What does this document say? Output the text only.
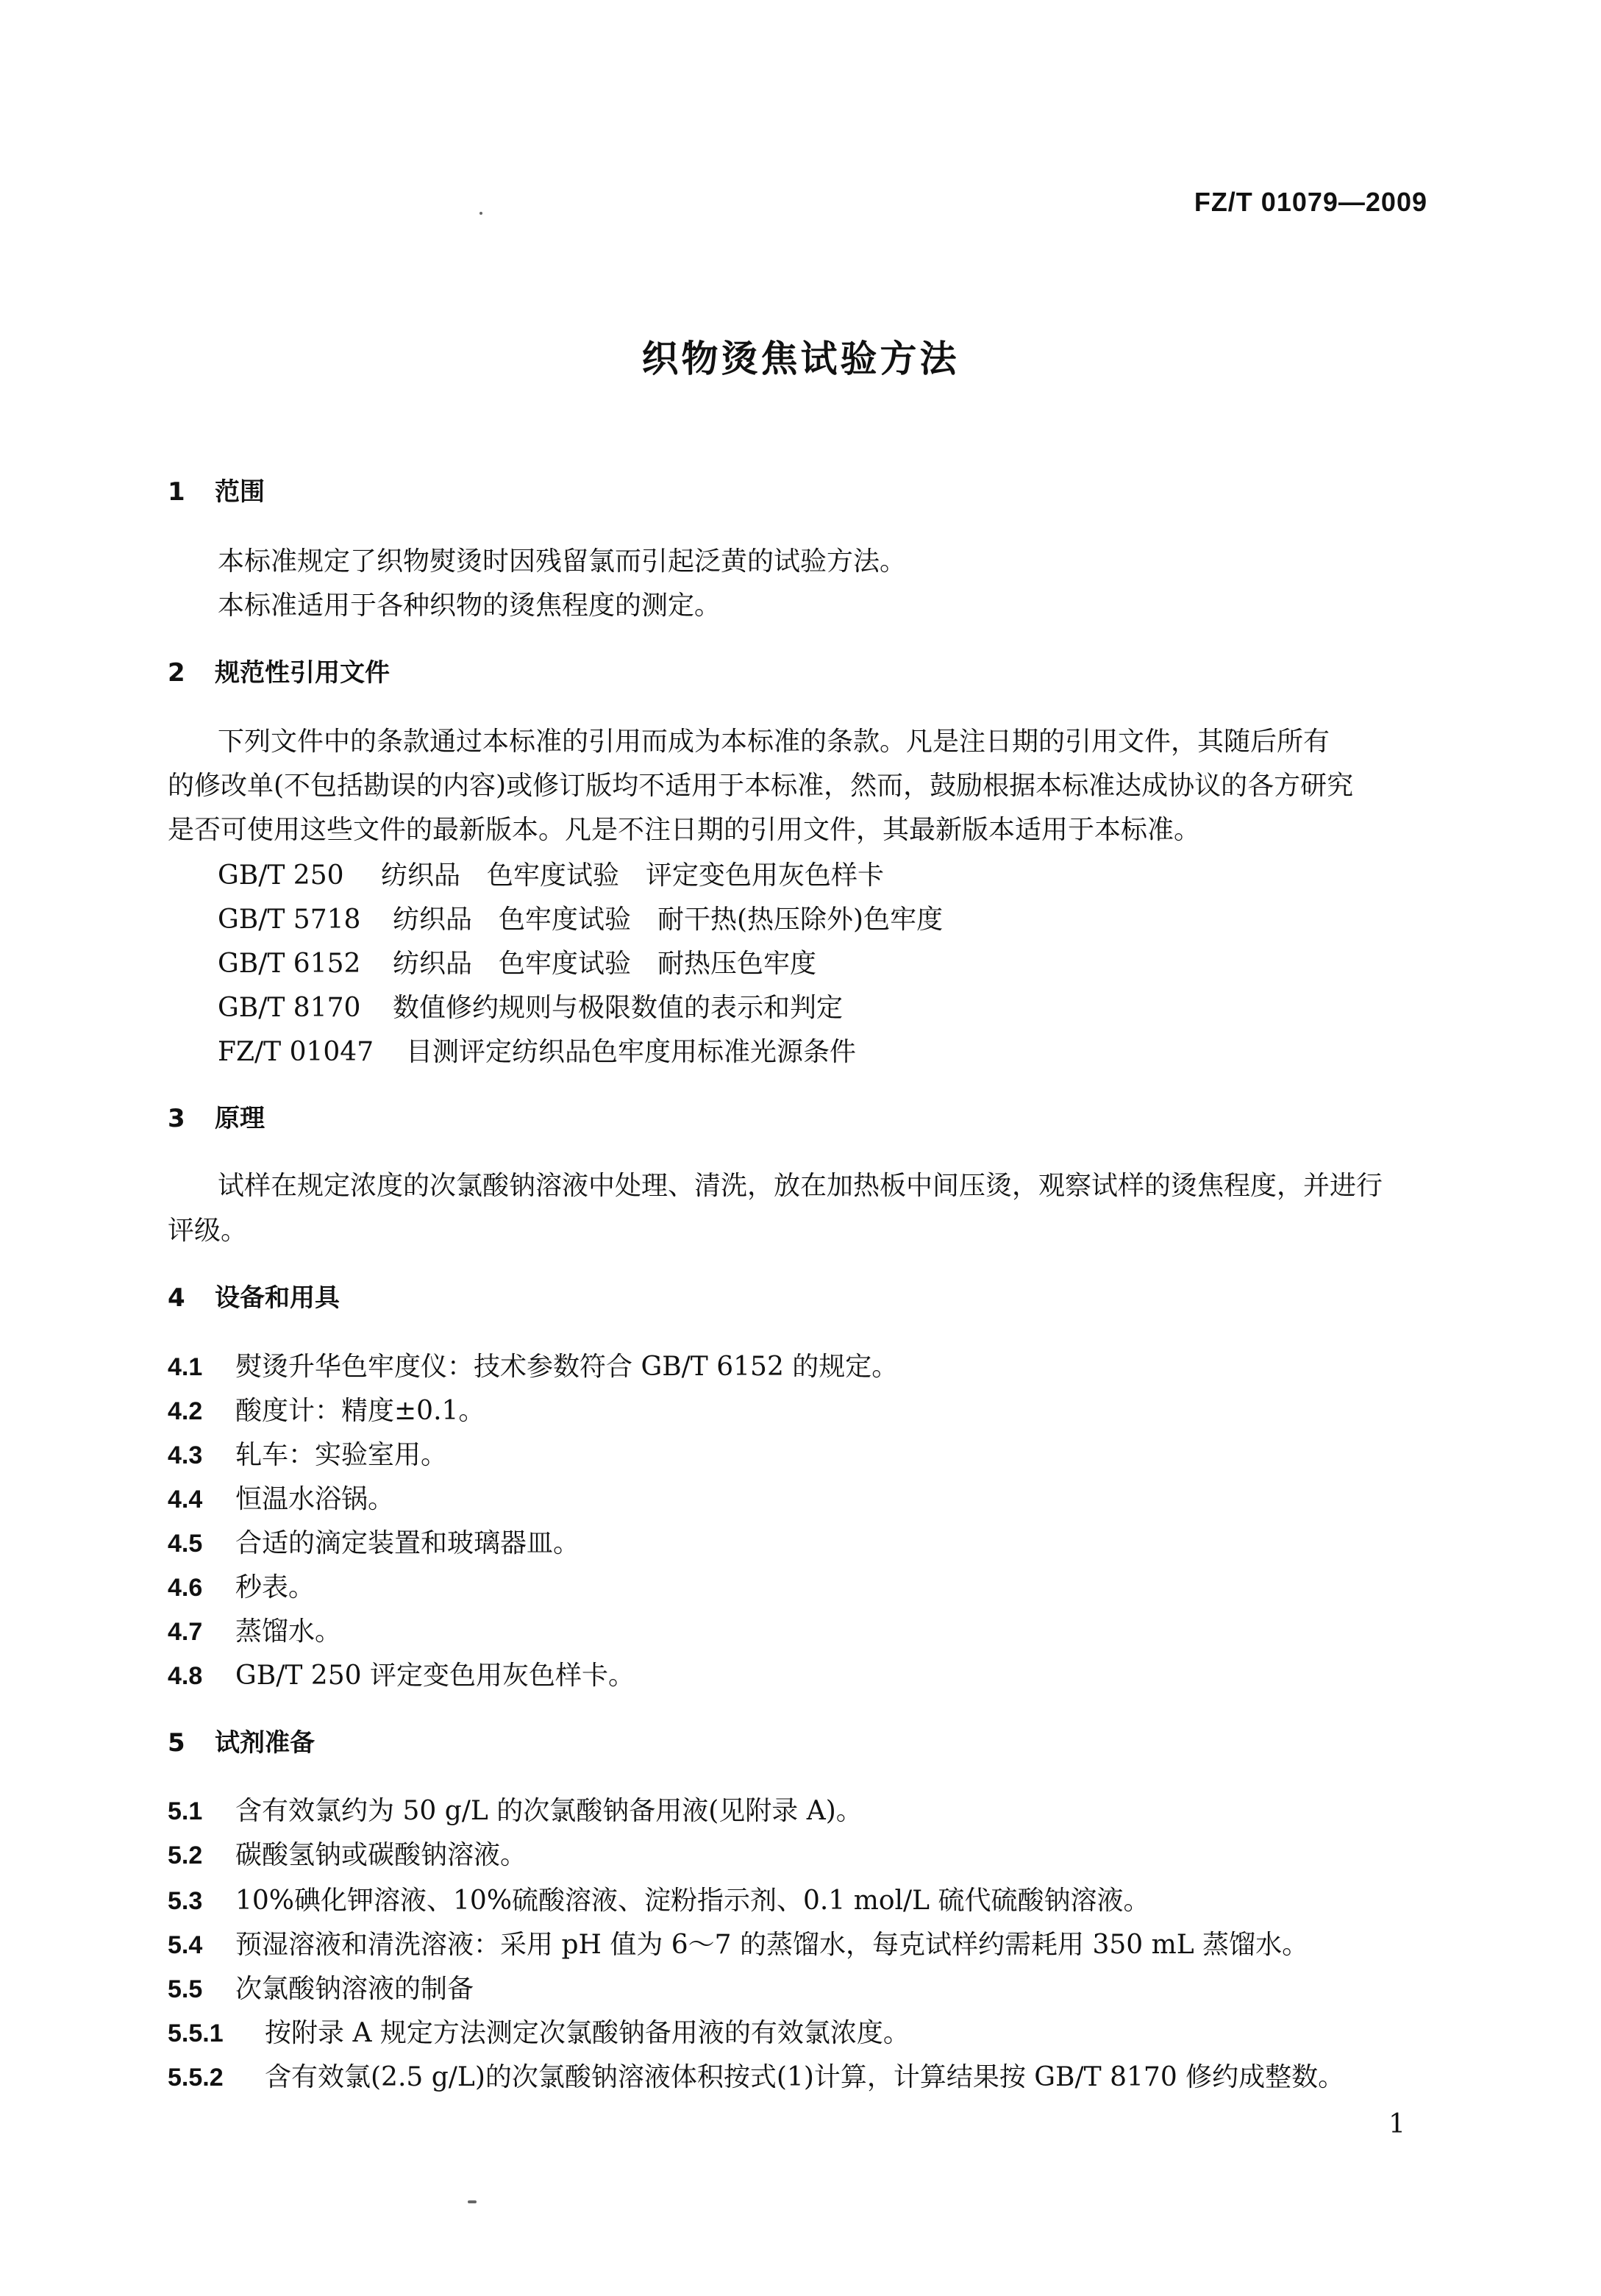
FZ/T 01079—2009
织物烫焦试验方法
1 范围
本标准规定了织物熨烫时因残留氯而引起泛黄的试验方法。
本标准适用于各种织物的烫焦程度的测定。
2 规范性引用文件
下列文件中的条款通过本标准的引用而成为本标准的条款。凡是注日期的引用文件，其随后所有
的修改单(不包括勘误的内容)或修订版均不适用于本标准，然而，鼓励根据本标准达成协议的各方研究
是否可使用这些文件的最新版本。凡是不注日期的引用文件，其最新版本适用于本标准。
GB/T 250 纺织品　色牢度试验　评定变色用灰色样卡
GB/T 5718 纺织品　色牢度试验　耐干热(热压除外)色牢度
GB/T 6152 纺织品　色牢度试验　耐热压色牢度
GB/T 8170 数值修约规则与极限数值的表示和判定
FZ/T 01047 目测评定纺织品色牢度用标准光源条件
3 原理
试样在规定浓度的次氯酸钠溶液中处理、清洗，放在加热板中间压烫，观察试样的烫焦程度，并进行
评级。
4 设备和用具
4.1 熨烫升华色牢度仪：技术参数符合 GB/T 6152 的规定。
4.2 酸度计：精度±0.1。
4.3 轧车：实验室用。
4.4 恒温水浴锅。
4.5 合适的滴定装置和玻璃器皿。
4.6 秒表。
4.7 蒸馏水。
4.8 GB/T 250 评定变色用灰色样卡。
5 试剂准备
5.1 含有效氯约为 50 g/L 的次氯酸钠备用液(见附录 A)。
5.2 碳酸氢钠或碳酸钠溶液。
5.3 10%碘化钾溶液、10%硫酸溶液、淀粉指示剂、0.1 mol/L 硫代硫酸钠溶液。
5.4 预湿溶液和清洗溶液：采用 pH 值为 6～7 的蒸馏水，每克试样约需耗用 350 mL 蒸馏水。
5.5 次氯酸钠溶液的制备
5.5.1 按附录 A 规定方法测定次氯酸钠备用液的有效氯浓度。
5.5.2 含有效氯(2.5 g/L)的次氯酸钠溶液体积按式(1)计算，计算结果按 GB/T 8170 修约成整数。
1
